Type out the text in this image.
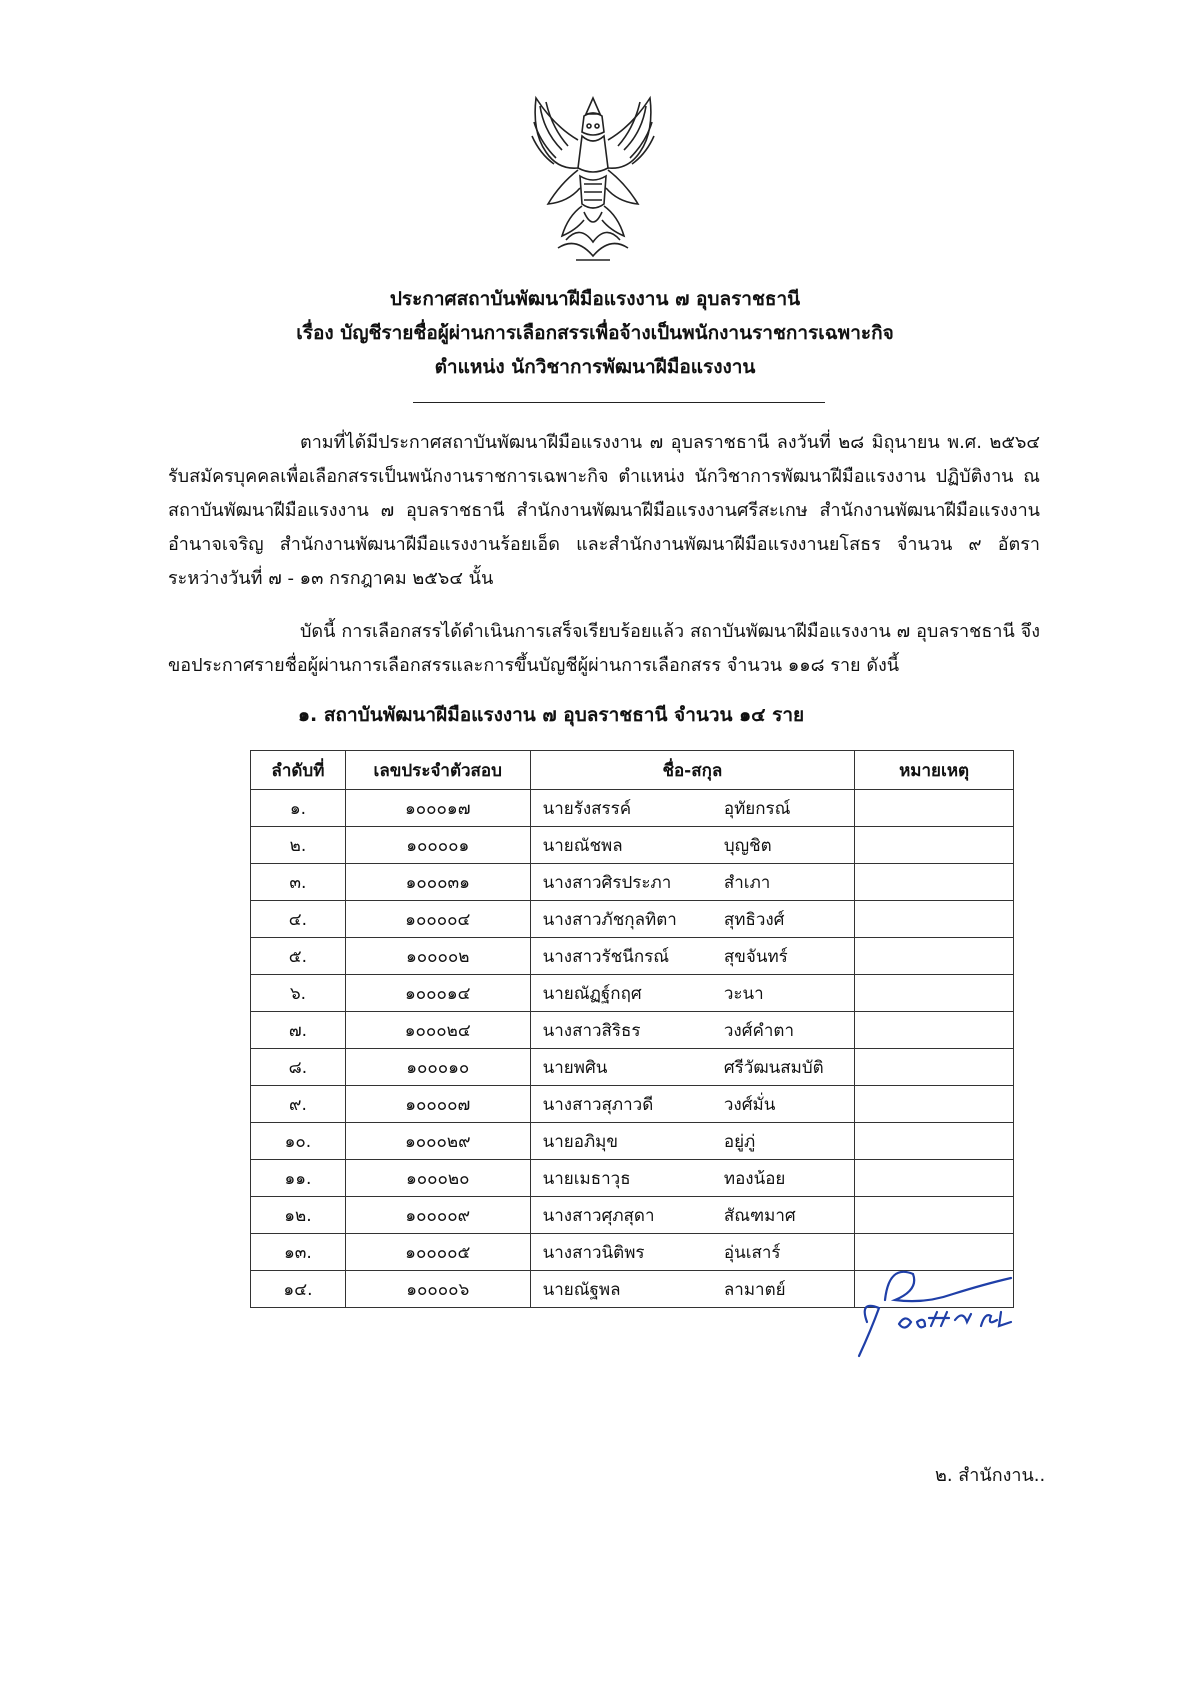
ประกาศสถาบันพัฒนาฝีมือแรงงาน ๗ อุบลราชธานี
เรื่อง บัญชีรายชื่อผู้ผ่านการเลือกสรรเพื่อจ้างเป็นพนักงานราชการเฉพาะกิจ
ตำแหน่ง นักวิชาการพัฒนาฝีมือแรงงาน
ตามที่ได้มีประกาศสถาบันพัฒนาฝีมือแรงงาน ๗ อุบลราชธานี ลงวันที่ ๒๘ มิถุนายน พ.ศ. ๒๕๖๔ รับสมัครบุคคลเพื่อเลือกสรรเป็นพนักงานราชการเฉพาะกิจ ตำแหน่ง นักวิชาการพัฒนาฝีมือแรงงาน ปฏิบัติงาน ณ สถาบันพัฒนาฝีมือแรงงาน ๗ อุบลราชธานี สำนักงานพัฒนาฝีมือแรงงานศรีสะเกษ สำนักงานพัฒนาฝีมือแรงงานอำนาจเจริญ สำนักงานพัฒนาฝีมือแรงงานร้อยเอ็ด และสำนักงานพัฒนาฝีมือแรงงานยโสธร จำนวน ๙ อัตรา ระหว่างวันที่ ๗ - ๑๓ กรกฎาคม ๒๕๖๔ นั้น
บัดนี้ การเลือกสรรได้ดำเนินการเสร็จเรียบร้อยแล้ว สถาบันพัฒนาฝีมือแรงงาน ๗ อุบลราชธานี จึงขอประกาศรายชื่อผู้ผ่านการเลือกสรรและการขึ้นบัญชีผู้ผ่านการเลือกสรร จำนวน ๑๑๘ ราย ดังนี้
๑. สถาบันพัฒนาฝีมือแรงงาน ๗ อุบลราชธานี จำนวน ๑๔ ราย
ลำดับที่	เลขประจำตัวสอบ	ชื่อ-สกุล		หมายเหตุ
๑.	๑๐๐๐๑๗	นายรังสรรค์	อุทัยกรณ์	
๒.	๑๐๐๐๐๑	นายณัชพล	บุญชิต	
๓.	๑๐๐๐๓๑	นางสาวศิรประภา	สำเภา	
๔.	๑๐๐๐๐๔	นางสาวภัชกุลทิตา	สุทธิวงศ์	
๕.	๑๐๐๐๐๒	นางสาวรัชนีกรณ์	สุขจันทร์	
๖.	๑๐๐๐๑๔	นายณัฏฐ์กฤศ	วะนา	
๗.	๑๐๐๐๒๔	นางสาวสิริธร	วงศ์คำตา	
๘.	๑๐๐๐๑๐	นายพศิน	ศรีวัฒนสมบัติ	
๙.	๑๐๐๐๐๗	นางสาวสุภาวดี	วงศ์มั่น	
๑๐.	๑๐๐๐๒๙	นายอภิมุข	อยู่ภู่	
๑๑.	๑๐๐๐๒๐	นายเมธาวุธ	ทองน้อย	
๑๒.	๑๐๐๐๐๙	นางสาวศุภสุดา	สัณฑมาศ	
๑๓.	๑๐๐๐๐๕	นางสาวนิติพร	อุ่นเสาร์	
๑๔.	๑๐๐๐๐๖	นายณัฐพล	ลามาตย์	
๒. สำนักงาน..
